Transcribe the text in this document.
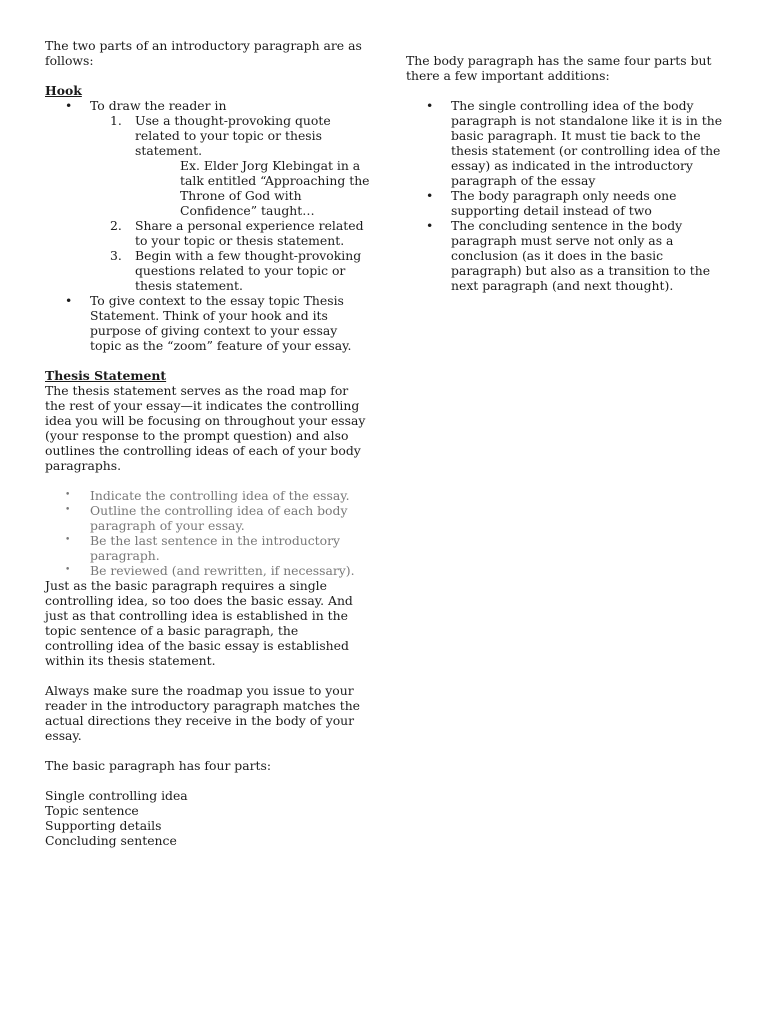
The two parts of an introductory paragraph are as follows:

Hook

• To draw the reader in
1. Use a thought-provoking quote related to your topic or thesis statement.
Ex. Elder Jorg Klebingat in a talk entitled “Approaching the Throne of God with Confidence” taught…
2. Share a personal experience related to your topic or thesis statement.
3. Begin with a few thought-provoking questions related to your topic or thesis statement.
• To give context to the essay topic Thesis Statement. Think of your hook and its purpose of giving context to your essay topic as the “zoom” feature of your essay.

Thesis Statement

The thesis statement serves as the road map for the rest of your essay—it indicates the controlling idea you will be focusing on throughout your essay (your response to the prompt question) and also outlines the controlling ideas of each of your body paragraphs.

• Indicate the controlling idea of the essay.
• Outline the controlling idea of each body paragraph of your essay.
• Be the last sentence in the introductory paragraph.
• Be reviewed (and rewritten, if necessary).

Just as the basic paragraph requires a single controlling idea, so too does the basic essay. And just as that controlling idea is established in the topic sentence of a basic paragraph, the controlling idea of the basic essay is established within its thesis statement.

Always make sure the roadmap you issue to your reader in the introductory paragraph matches the actual directions they receive in the body of your essay.

The basic paragraph has four parts:

Single controlling idea

Topic sentence

Supporting details

Concluding sentence

The body paragraph has the same four parts but there a few important additions:

• The single controlling idea of the body paragraph is not standalone like it is in the basic paragraph. It must tie back to the thesis statement (or controlling idea of the essay) as indicated in the introductory paragraph of the essay
• The body paragraph only needs one supporting detail instead of two
• The concluding sentence in the body paragraph must serve not only as a conclusion (as it does in the basic paragraph) but also as a transition to the next paragraph (and next thought).
